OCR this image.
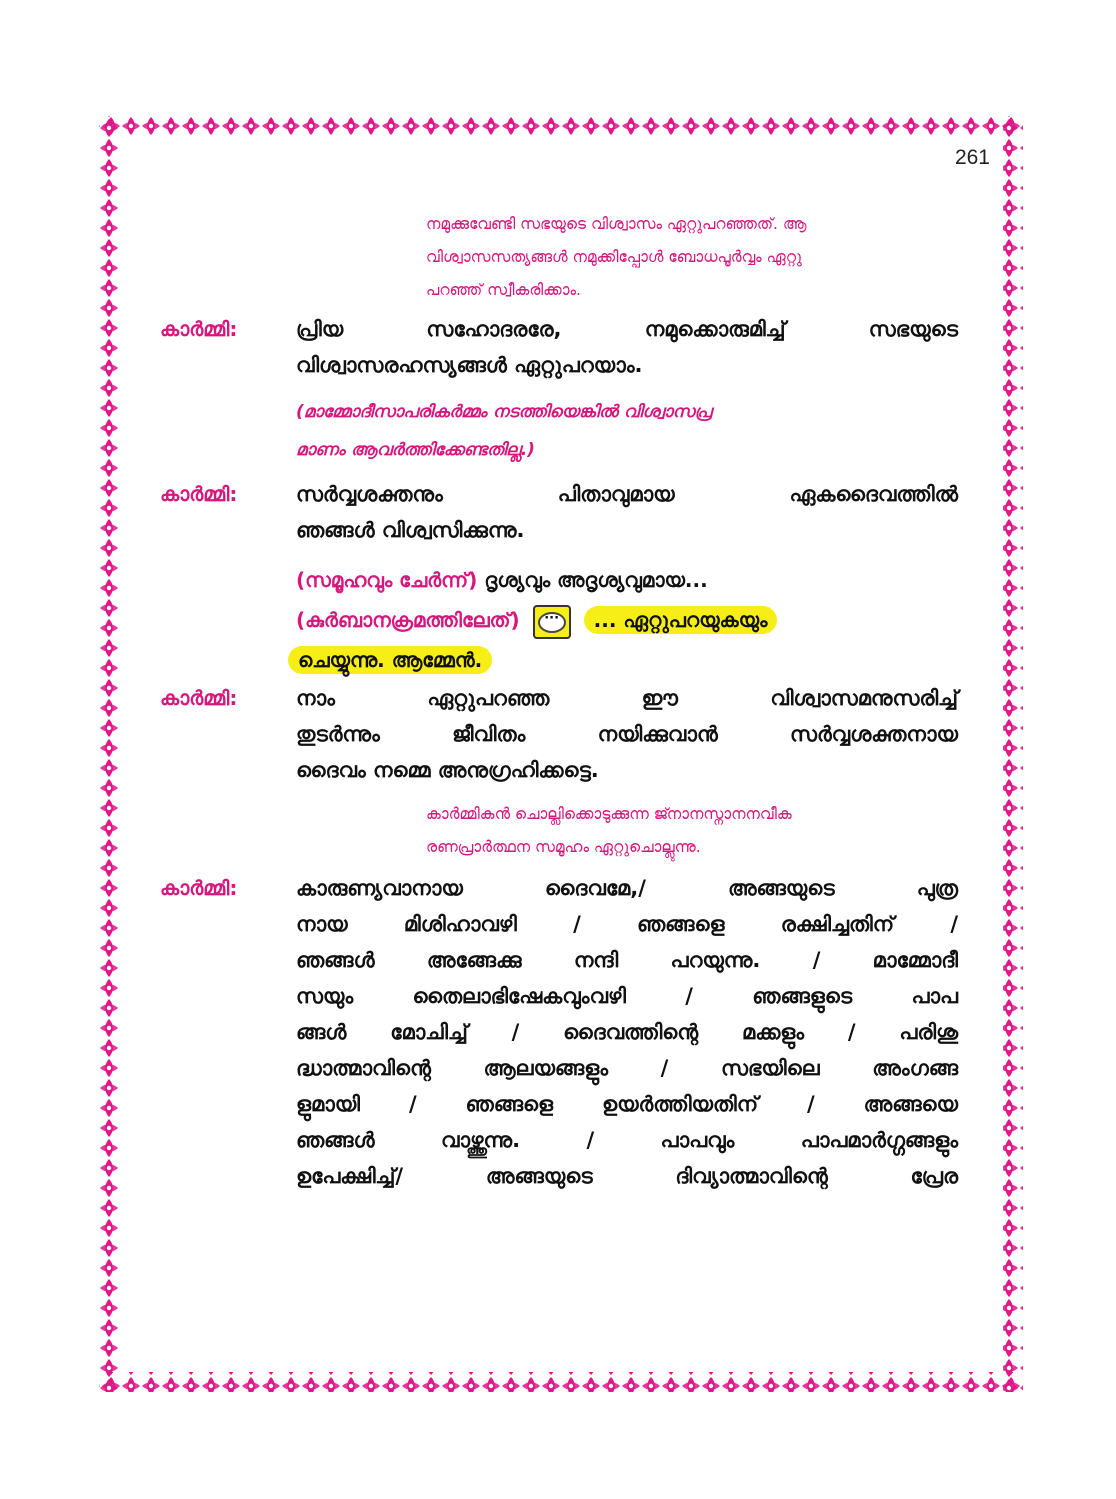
261
നമുക്കുവേണ്ടി സഭയുടെ വിശ്വാസം ഏറ്റുപറഞ്ഞത്. ആ
വിശ്വാസസത്യങ്ങൾ നമുക്കിപ്പോൾ ബോധപൂർവ്വം ഏറ്റു
പറഞ്ഞ് സ്വീകരിക്കാം.
കാർമ്മി:	പ്രിയ സഹോദരരേ, നമുക്കൊരുമിച്ച് സഭയുടെ
വിശ്വാസരഹസ്യങ്ങൾ ഏറ്റുപറയാം.
(മാമ്മോദീസാപരികർമ്മം നടത്തിയെങ്കിൽ വിശ്വാസപ്ര
മാണം ആവർത്തിക്കേണ്ടതില്ല.)
കാർമ്മി:	സർവ്വശക്തനും പിതാവുമായ ഏകദൈവത്തിൽ
ഞങ്ങൾ വിശ്വസിക്കുന്നു.
(സമൂഹവും ചേർന്ന്) ദൃശ്യവും അദൃശ്യവുമായ...
(കുർബാനക്രമത്തിലേത്) ··· ... ഏറ്റുപറയുകയും
ചെയ്യുന്നു. ആമ്മേൻ.
കാർമ്മി:	നാം ഏറ്റുപറഞ്ഞ ഈ വിശ്വാസമനുസരിച്ച്
തുടർന്നും ജീവിതം നയിക്കുവാൻ സർവ്വശക്തനായ
ദൈവം നമ്മെ അനുഗ്രഹിക്കട്ടെ.
കാർമ്മികൻ ചൊല്ലിക്കൊടുക്കുന്ന ജ്നാനസ്നാനനവീക
രണപ്രാർത്ഥന സമൂഹം ഏറ്റുചൊല്ലുന്നു.
കാർമ്മി:	കാരുണ്യവാനായ ദൈവമേ,/ അങ്ങയുടെ പുത്ര
നായ മിശിഹാവഴി / ഞങ്ങളെ രക്ഷിച്ചതിന് /
ഞങ്ങൾ അങ്ങേക്കു നന്ദി പറയുന്നു. / മാമ്മോദീ
സയും തൈലാഭിഷേകവുംവഴി / ഞങ്ങളുടെ പാപ
ങ്ങൾ മോചിച്ച് / ദൈവത്തിന്റെ മക്കളും / പരിശു
ദ്ധാത്മാവിന്റെ ആലയങ്ങളും / സഭയിലെ അംഗങ്ങ
ളുമായി / ഞങ്ങളെ ഉയർത്തിയതിന് / അങ്ങയെ
ഞങ്ങൾ വാഴ്ത്തുന്നു. / പാപവും പാപമാർഗ്ഗങ്ങളും
ഉപേക്ഷിച്ച്/ അങ്ങയുടെ ദിവ്യാത്മാവിന്റെ പ്രേര
